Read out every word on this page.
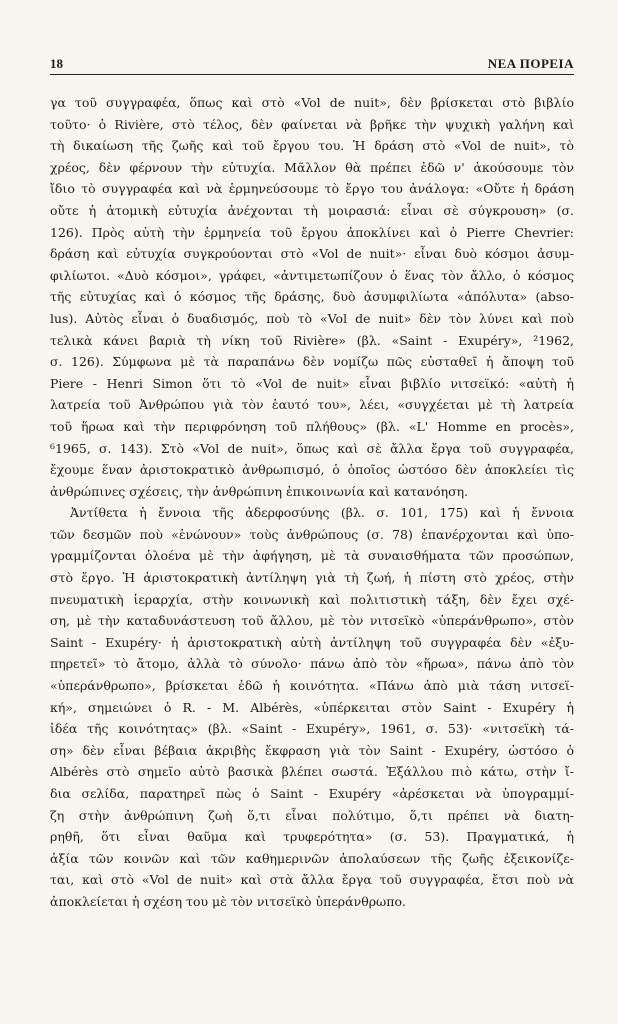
18	ΝΕΑ ΠΟΡΕΙΑ
γα τοῦ συγγραφέα, ὅπως καὶ στὸ «Vol de nuit», δὲν βρίσκεται στὸ βιβλίο
τοῦτο· ὁ Rivière, στὸ τέλος, δὲν φαίνεται νὰ βρῆκε τὴν ψυχικὴ γαλήνη καὶ
τὴ δικαίωση τῆς ζωῆς καὶ τοῦ ἔργου του. Ἡ δράση στὸ «Vol de nuit», τὸ
χρέος, δὲν φέρνουν τὴν εὐτυχία. Μᾶλλον θὰ πρέπει ἐδῶ ν' ἀκούσουμε τὸν
ἴδιο τὸ συγγραφέα καὶ νὰ ἑρμηνεύσουμε τὸ ἔργο του ἀνάλογα: «Οὔτε ἡ δράση
οὔτε ἡ ἀτομικὴ εὐτυχία ἀνέχονται τὴ μοιρασιά: εἶναι σὲ σύγκρουση» (σ.
126). Πρὸς αὐτὴ τὴν ἑρμηνεία τοῦ ἔργου ἀποκλίνει καὶ ὁ Pierre Chevrier:
δράση καὶ εὐτυχία συγκρούονται στὸ «Vol de nuit»· εἶναι δυὸ κόσμοι ἀσυμ-
φιλίωτοι. «Δυὸ κόσμοι», γράφει, «ἀντιμετωπίζουν ὁ ἕνας τὸν ἄλλο, ὁ κόσμος
τῆς εὐτυχίας καὶ ὁ κόσμος τῆς δράσης, δυὸ ἀσυμφιλίωτα «ἀπόλυτα» (abso-
lus). Αὐτὸς εἶναι ὁ δυαδισμός, ποὺ τὸ «Vol de nuit» δὲν τὸν λύνει καὶ ποὺ
τελικὰ κάνει βαριὰ τὴ νίκη τοῦ Rivière» (βλ. «Saint - Exupéry», ²1962,
σ. 126). Σύμφωνα μὲ τὰ παραπάνω δὲν νομίζω πῶς εὐσταθεῖ ἡ ἄποψη τοῦ
Piere - Henri Simon ὅτι τὸ «Vol de nuit» εἶναι βιβλίο νιτσεϊκό: «αὐτὴ ἡ
λατρεία τοῦ Ἀνθρώπου γιὰ τὸν ἑαυτό του», λέει, «συγχέεται μὲ τὴ λατρεία
τοῦ ἥρωα καὶ τὴν περιφρόνηση τοῦ πλήθους» (βλ. «L' Homme en procès»,
⁶1965, σ. 143). Στὸ «Vol de nuit», ὅπως καὶ σὲ ἄλλα ἔργα τοῦ συγγραφέα,
ἔχουμε ἕναν ἀριστοκρατικὸ ἀνθρωπισμό, ὁ ὁποῖος ὡστόσο δὲν ἀποκλείει τὶς
ἀνθρώπινες σχέσεις, τὴν ἀνθρώπινη ἐπικοινωνία καὶ κατανόηση.
Ἀντίθετα ἡ ἔννοια τῆς ἀδερφοσύνης (βλ. σ. 101, 175) καὶ ἡ ἔννοια
τῶν δεσμῶν ποὺ «ἑνώνουν» τοὺς ἀνθρώπους (σ. 78) ἐπανέρχονται καὶ ὑπο-
γραμμίζονται ὁλοένα μὲ τὴν ἀφήγηση, μὲ τὰ συναισθήματα τῶν προσώπων,
στὸ ἔργο. Ἡ ἀριστοκρατικὴ ἀντίληψη γιὰ τὴ ζωή, ἡ πίστη στὸ χρέος, στὴν
πνευματικὴ ἱεραρχία, στὴν κοινωνικὴ καὶ πολιτιστικὴ τάξη, δὲν ἔχει σχέ-
ση, μὲ τὴν καταδυνάστευση τοῦ ἄλλου, μὲ τὸν νιτσεϊκὸ «ὑπεράνθρωπο», στὸν
Saint - Exupéry· ἡ ἀριστοκρατικὴ αὐτὴ ἀντίληψη τοῦ συγγραφέα δὲν «ἐξυ-
πηρετεῖ» τὸ ἄτομο, ἀλλὰ τὸ σύνολο· πάνω ἀπὸ τὸν «ἥρωα», πάνω ἀπὸ τὸν
«ὑπεράνθρωπο», βρίσκεται ἐδῶ ἡ κοινότητα. «Πάνω ἀπὸ μιὰ τάση νιτσεϊ-
κή», σημειώνει ὁ R. - M. Albérès, «ὑπέρκειται στὸν Saint - Exupéry ἡ
ἰδέα τῆς κοινότητας» (βλ. «Saint - Exupéry», 1961, σ. 53)· «νιτσεϊκὴ τά-
ση» δὲν εἶναι βέβαια ἀκριβὴς ἔκφραση γιὰ τὸν Saint - Exupéry, ὡστόσο ὁ
Albérès στὸ σημεῖο αὐτὸ βασικὰ βλέπει σωστά. Ἐξάλλου πιὸ κάτω, στὴν ἴ-
δια σελίδα, παρατηρεῖ πὼς ὁ Saint - Exupéry «ἀρέσκεται νὰ ὑπογραμμί-
ζη στὴν ἀνθρώπινη ζωὴ ὅ,τι εἶναι πολύτιμο, ὅ,τι πρέπει νὰ διατη-
ρηθῆ, ὅτι εἶναι θαῦμα καὶ τρυφερότητα» (σ. 53). Πραγματικά, ἡ
ἀξία τῶν κοινῶν καὶ τῶν καθημερινῶν ἀπολαύσεων τῆς ζωῆς ἐξεικονίζε-
ται, καὶ στὸ «Vol de nuit» καὶ στὰ ἄλλα ἔργα τοῦ συγγραφέα, ἔτσι ποὺ νὰ
ἀποκλείεται ἡ σχέση του μὲ τὸν νιτσεϊκὸ ὑπεράνθρωπο.
